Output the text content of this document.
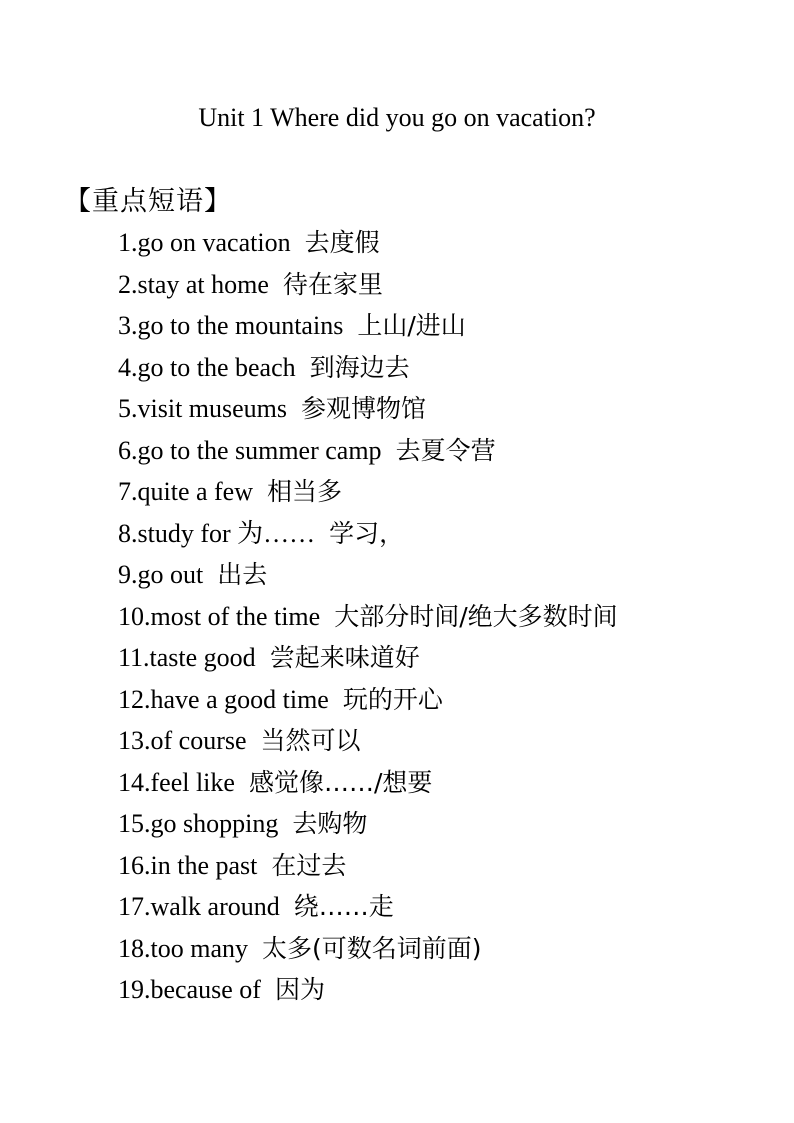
Unit 1 Where did you go on vacation?
【重点短语】
1.go on vacation 去度假
2.stay at home 待在家里
3.go to the mountains 上山/进山
4.go to the beach 到海边去
5.visit museums 参观博物馆
6.go to the summer camp 去夏令营
7.quite a few 相当多
8.study for 为…… 学习，
9.go out 出去
10.most of the time 大部分时间/绝大多数时间
11.taste good 尝起来味道好
12.have a good time 玩的开心
13.of course 当然可以
14.feel like 感觉像……/想要
15.go shopping 去购物
16.in the past 在过去
17.walk around 绕……走
18.too many 太多(可数名词前面)
19.because of 因为
